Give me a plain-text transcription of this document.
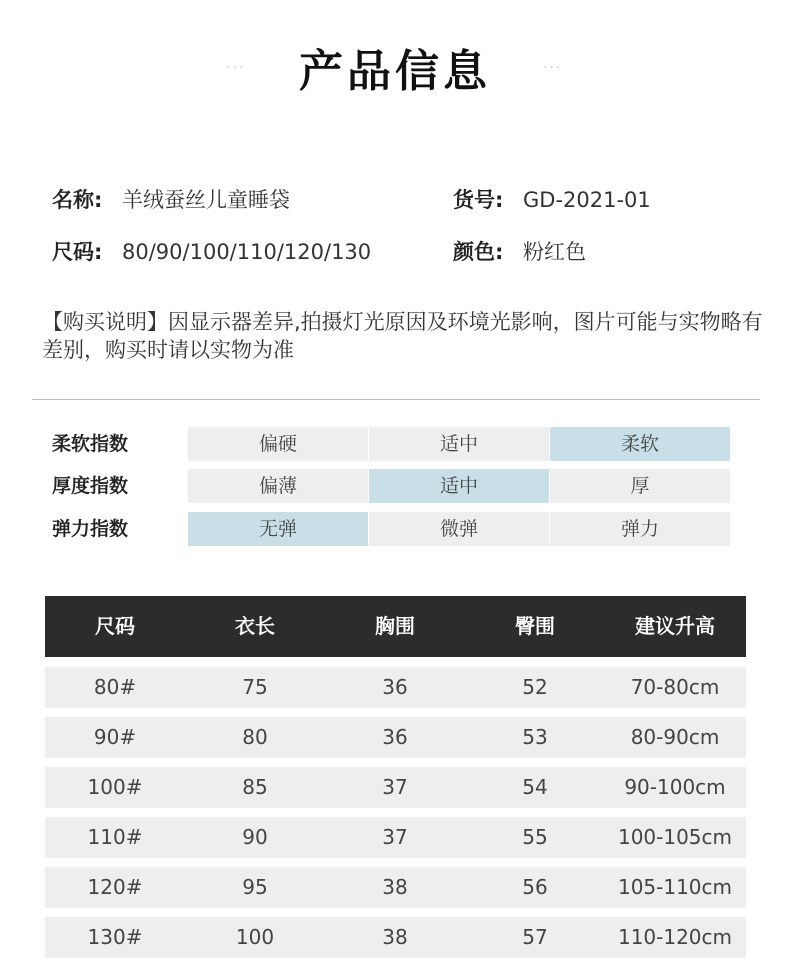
···	产品信息	···
名称: 羊绒蚕丝儿童睡袋	货号: GD-2021-01
尺码: 80/90/100/110/120/130	颜色: 粉红色

【购买说明】因显示器差异,拍摄灯光原因及环境光影响，图片可能与实物略有差别，购买时请以实物为准

柔软指数	偏硬	适中	柔软
厚度指数	偏薄	适中	厚
弹力指数	无弹	微弹	弹力
尺码	衣长	胸围	臀围	建议升高
80#	75	36	52	70-80cm
90#	80	36	53	80-90cm
100#	85	37	54	90-100cm
110#	90	37	55	100-105cm
120#	95	38	56	105-110cm
130#	100	38	57	110-120cm
